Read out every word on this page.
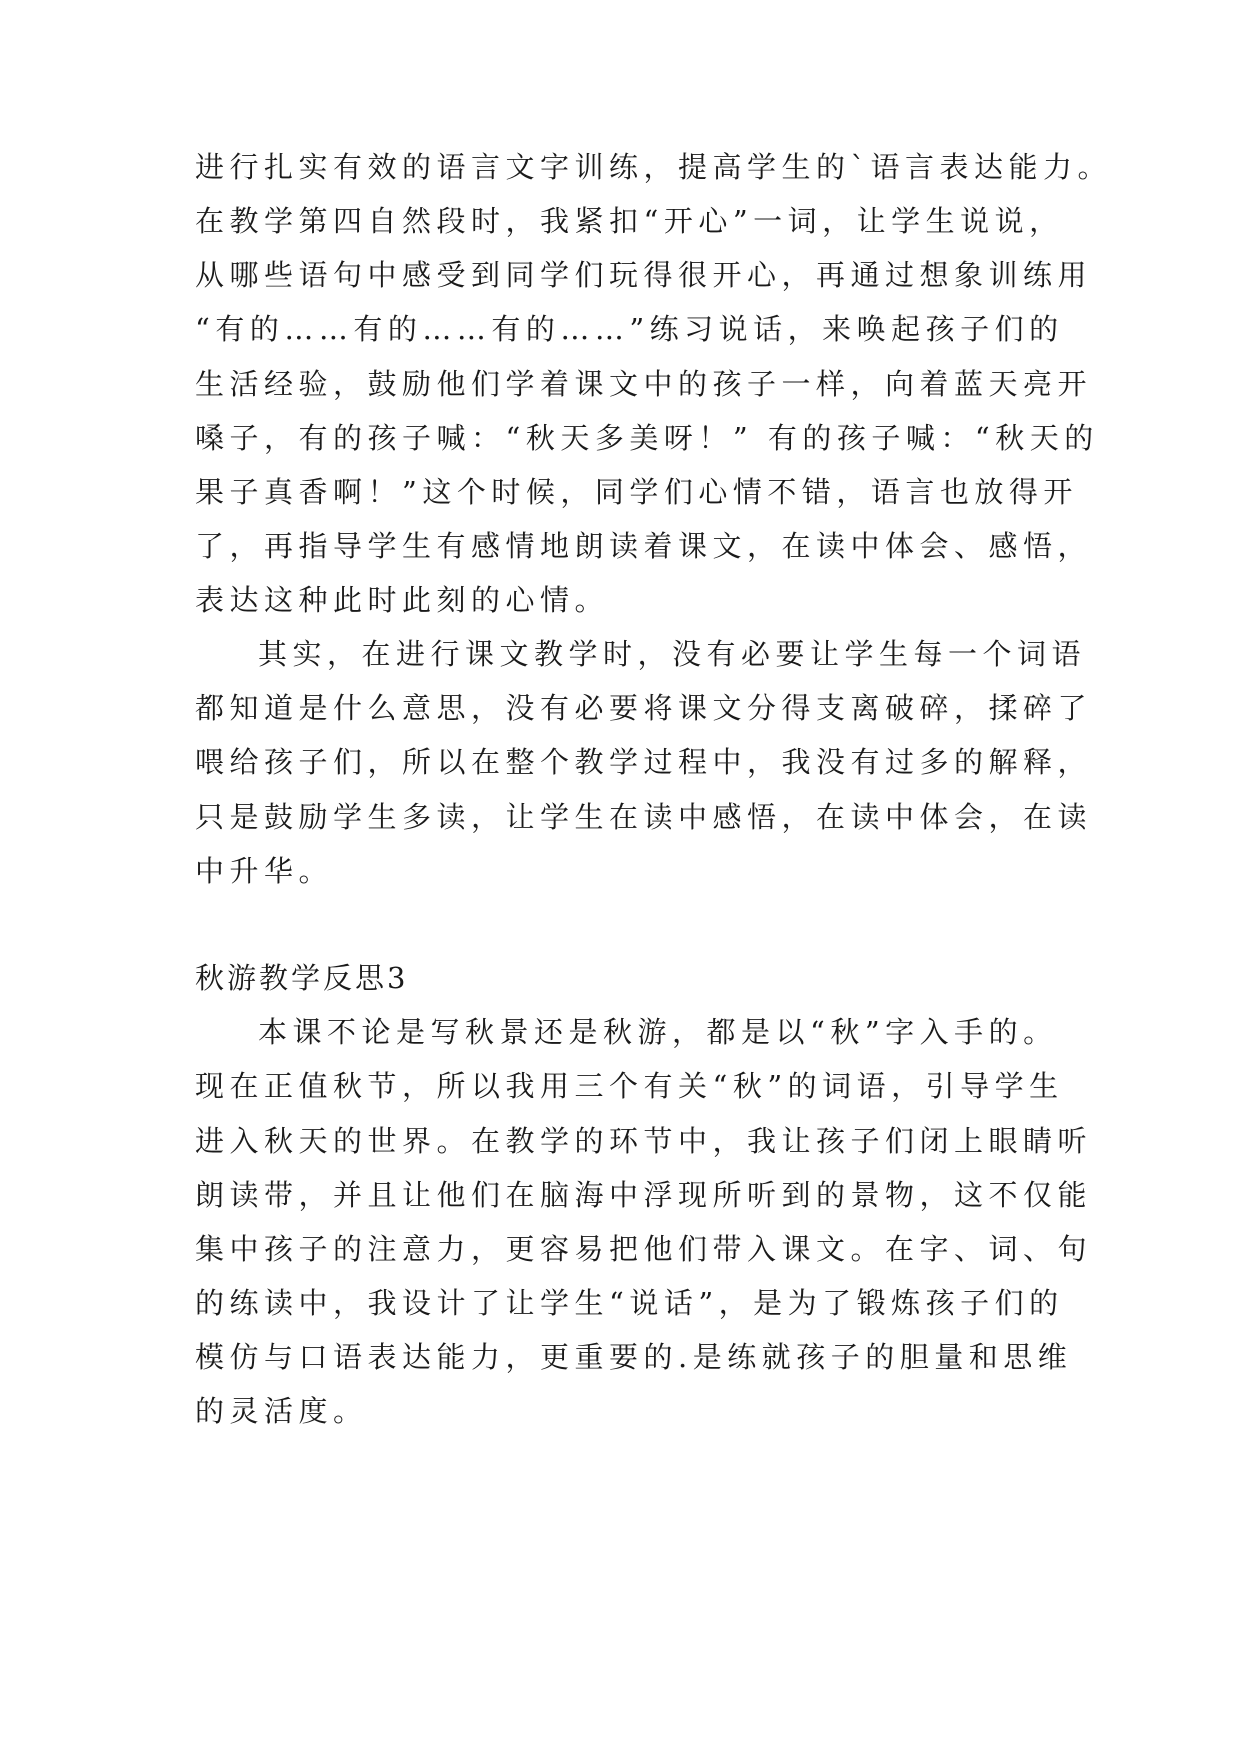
进行扎实有效的语言文字训练，提高学生的`语言表达能力。
在教学第四自然段时，我紧扣“开心”一词，让学生说说，
从哪些语句中感受到同学们玩得很开心，再通过想象训练用
“有的……有的……有的……”练习说话，来唤起孩子们的
生活经验，鼓励他们学着课文中的孩子一样，向着蓝天亮开
嗓子，有的孩子喊：“秋天多美呀！” 有的孩子喊：“秋天的
果子真香啊！”这个时候，同学们心情不错，语言也放得开
了，再指导学生有感情地朗读着课文，在读中体会、感悟，
表达这种此时此刻的心情。
其实，在进行课文教学时，没有必要让学生每一个词语
都知道是什么意思，没有必要将课文分得支离破碎，揉碎了
喂给孩子们，所以在整个教学过程中，我没有过多的解释，
只是鼓励学生多读，让学生在读中感悟，在读中体会，在读
中升华。
秋游教学反思3
本课不论是写秋景还是秋游，都是以“秋”字入手的。
现在正值秋节，所以我用三个有关“秋”的词语，引导学生
进入秋天的世界。在教学的环节中，我让孩子们闭上眼睛听
朗读带，并且让他们在脑海中浮现所听到的景物，这不仅能
集中孩子的注意力，更容易把他们带入课文。在字、词、句
的练读中，我设计了让学生“说话”，是为了锻炼孩子们的
模仿与口语表达能力，更重要的.是练就孩子的胆量和思维
的灵活度。
